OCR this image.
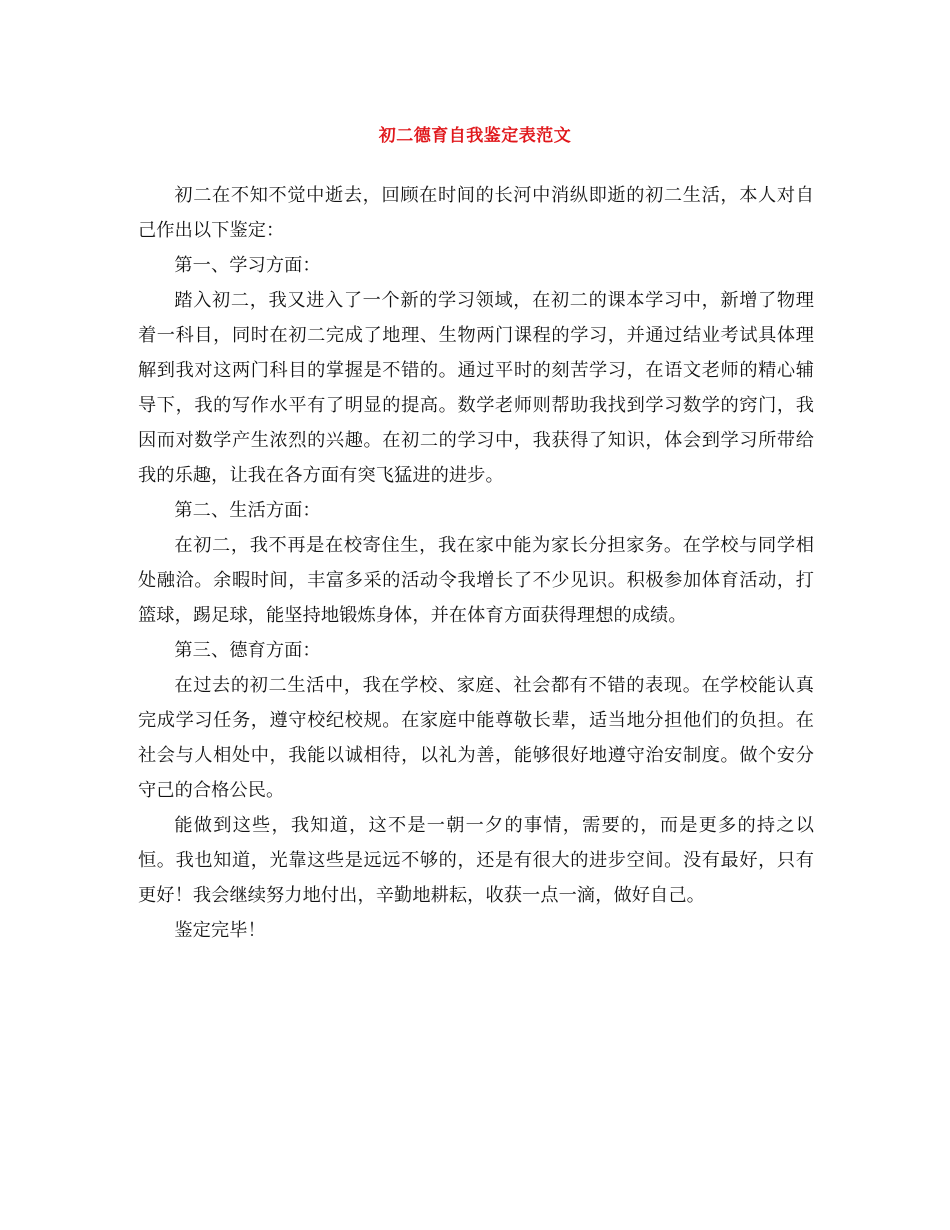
初二德育自我鉴定表范文

初二在不知不觉中逝去，回顾在时间的长河中消纵即逝的初二生活，本人对自己作出以下鉴定：

第一、学习方面：

踏入初二，我又进入了一个新的学习领域，在初二的课本学习中，新增了物理着一科目，同时在初二完成了地理、生物两门课程的学习，并通过结业考试具体理解到我对这两门科目的掌握是不错的。通过平时的刻苦学习，在语文老师的精心辅导下，我的写作水平有了明显的提高。数学老师则帮助我找到学习数学的窍门，我因而对数学产生浓烈的兴趣。在初二的学习中，我获得了知识，体会到学习所带给我的乐趣，让我在各方面有突飞猛进的进步。

第二、生活方面：

在初二，我不再是在校寄住生，我在家中能为家长分担家务。在学校与同学相处融洽。余暇时间，丰富多采的活动令我增长了不少见识。积极参加体育活动，打篮球，踢足球，能坚持地锻炼身体，并在体育方面获得理想的成绩。

第三、德育方面：

在过去的初二生活中，我在学校、家庭、社会都有不错的表现。在学校能认真完成学习任务，遵守校纪校规。在家庭中能尊敬长辈，适当地分担他们的负担。在社会与人相处中，我能以诚相待，以礼为善，能够很好地遵守治安制度。做个安分守己的合格公民。

能做到这些，我知道，这不是一朝一夕的事情，需要的，而是更多的持之以恒。我也知道，光靠这些是远远不够的，还是有很大的进步空间。没有最好，只有更好！我会继续努力地付出，辛勤地耕耘，收获一点一滴，做好自己。

鉴定完毕！
